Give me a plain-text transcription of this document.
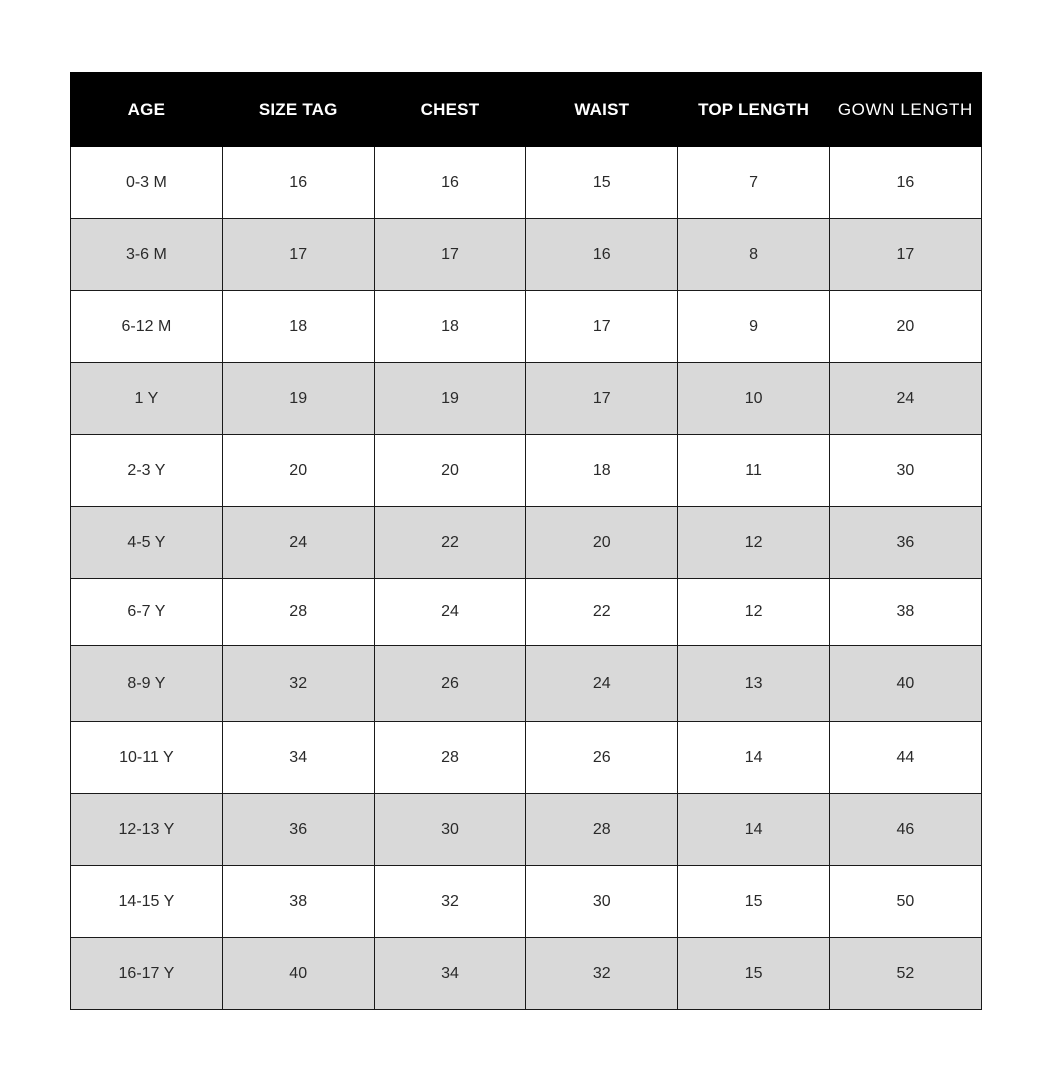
AGE	SIZE TAG	CHEST	WAIST	TOP LENGTH	GOWN LENGTH
0-3 M	16	16	15	7	16
3-6 M	17	17	16	8	17
6-12 M	18	18	17	9	20
1 Y	19	19	17	10	24
2-3 Y	20	20	18	11	30
4-5 Y	24	22	20	12	36
6-7 Y	28	24	22	12	38
8-9 Y	32	26	24	13	40
10-11 Y	34	28	26	14	44
12-13 Y	36	30	28	14	46
14-15 Y	38	32	30	15	50
16-17 Y	40	34	32	15	52
